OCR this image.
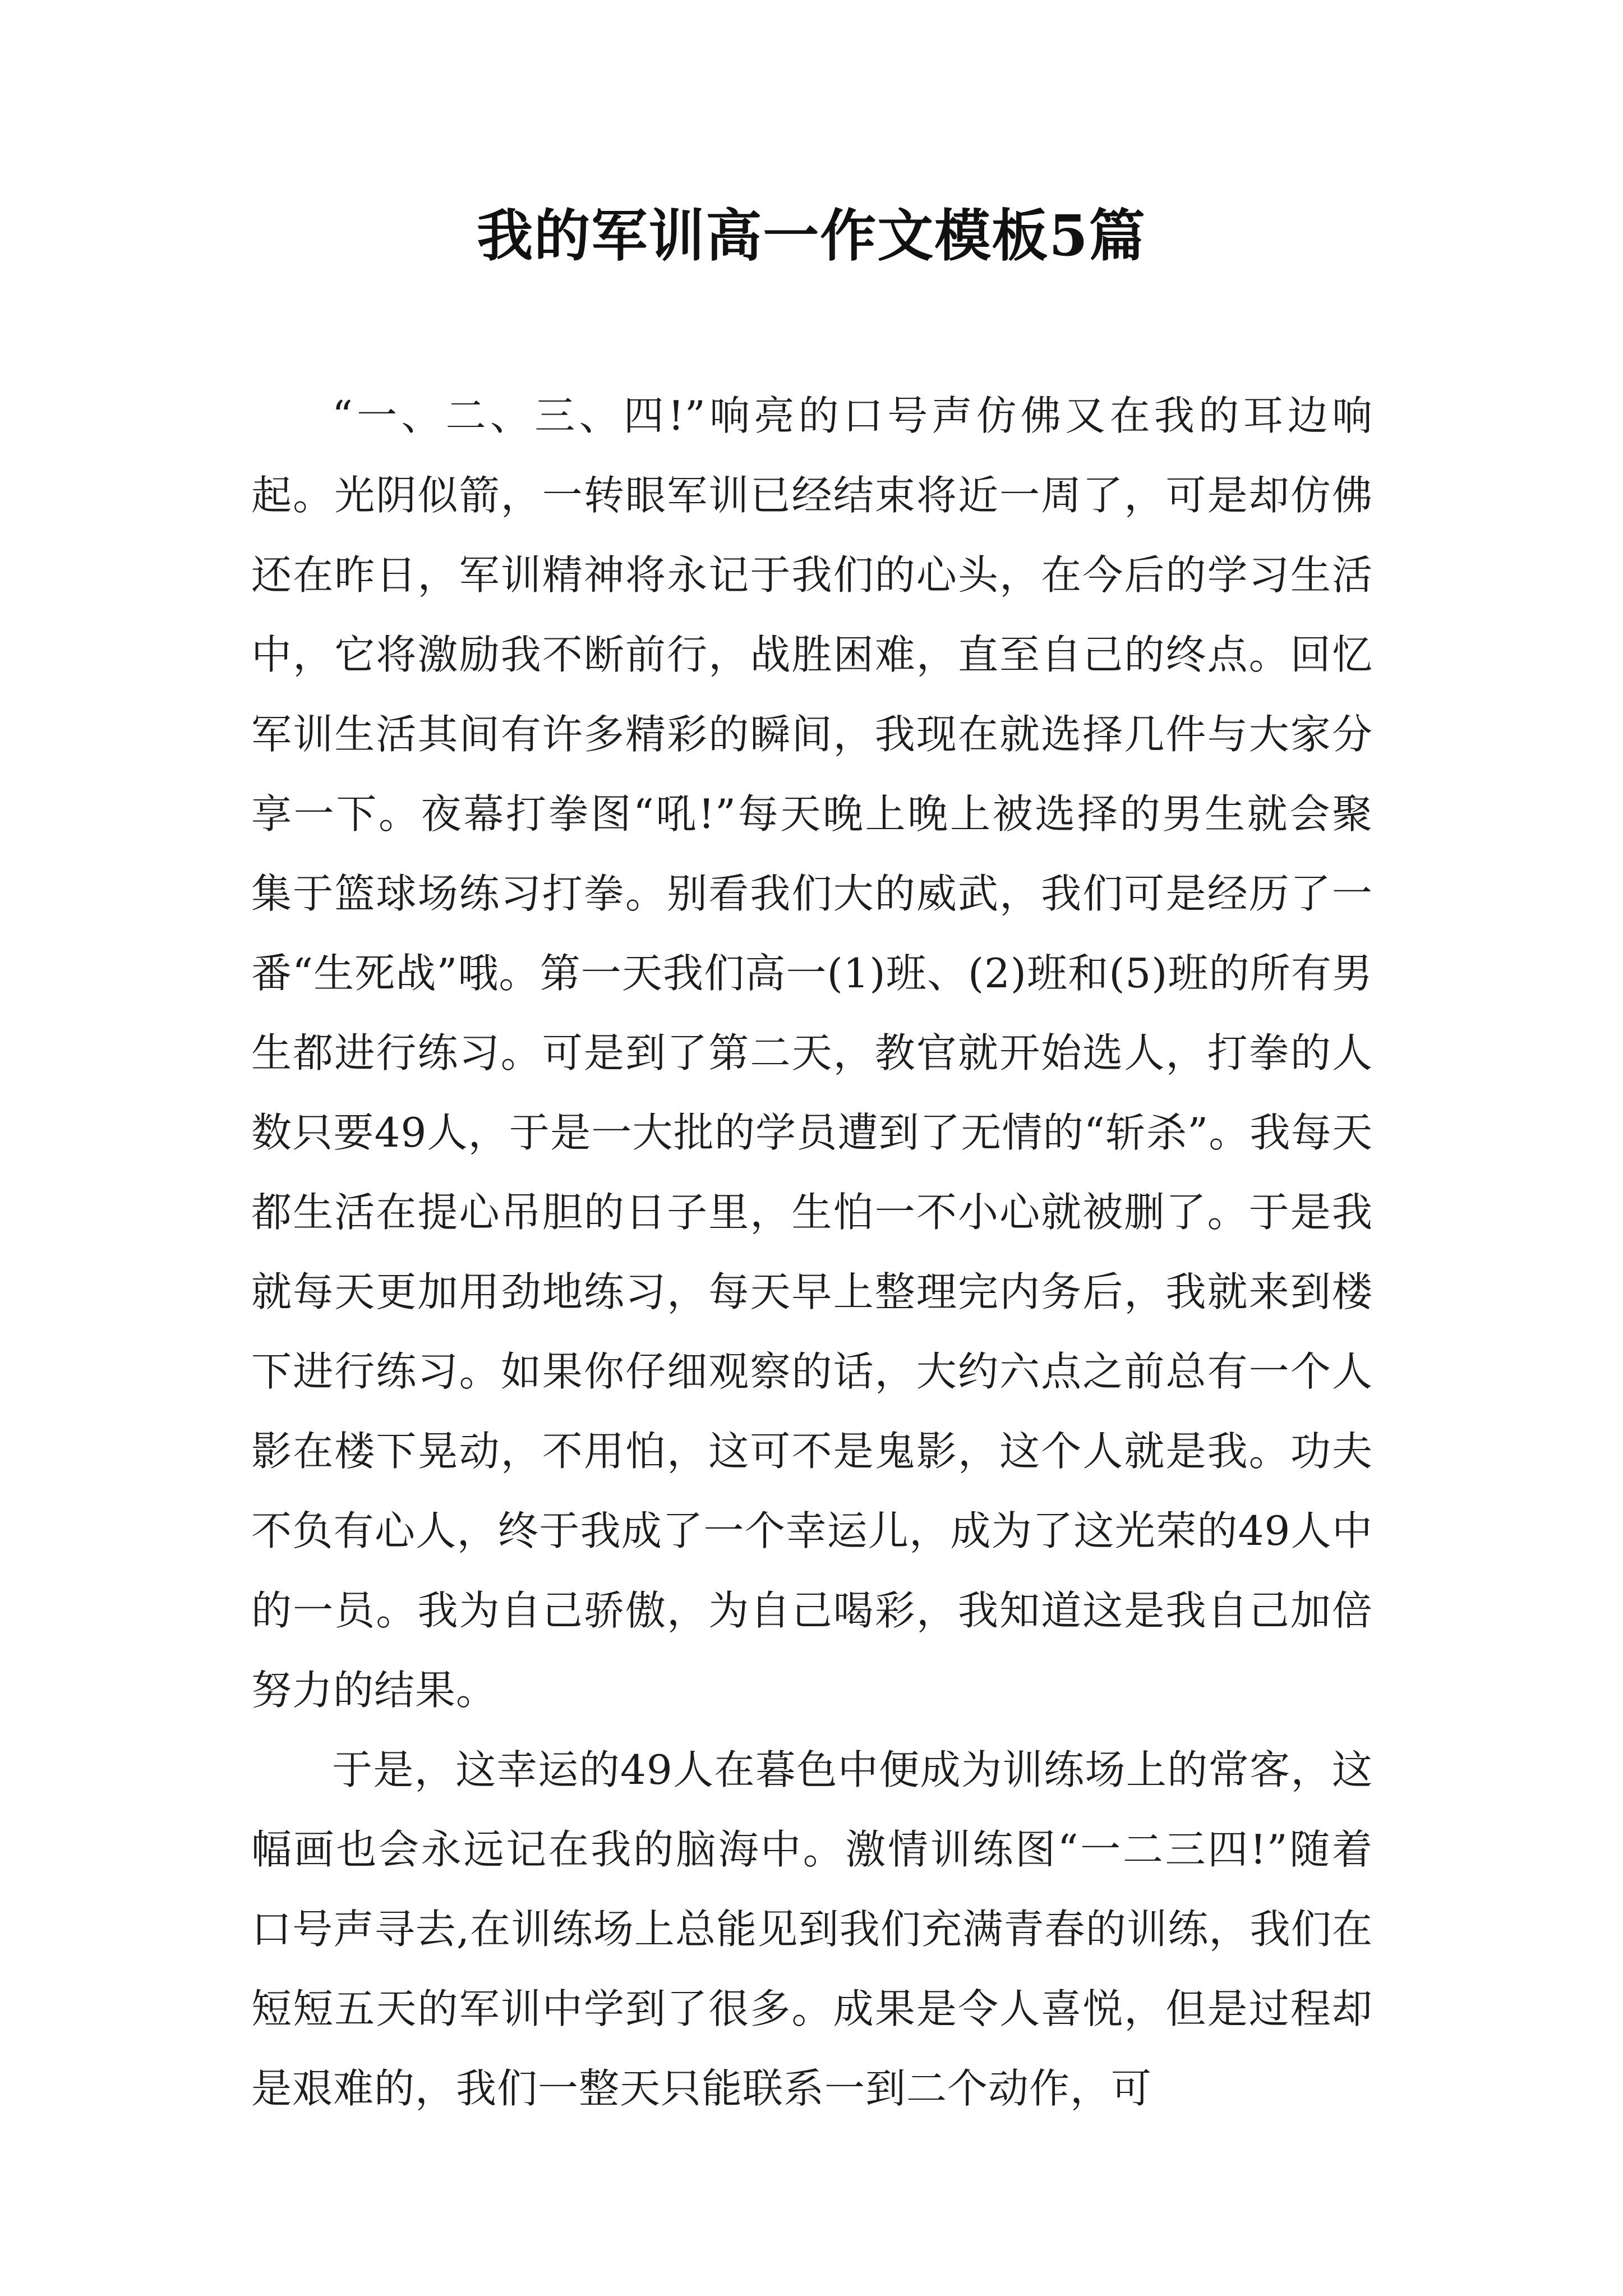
我的军训高一作文模板5篇

“一、二、三、四!”响亮的口号声仿佛又在我的耳边响起。光阴似箭，一转眼军训已经结束将近一周了，可是却仿佛还在昨日，军训精神将永记于我们的心头，在今后的学习生活中，它将激励我不断前行，战胜困难，直至自己的终点。回忆军训生活其间有许多精彩的瞬间，我现在就选择几件与大家分享一下。夜幕打拳图“吼!”每天晚上晚上被选择的男生就会聚集于篮球场练习打拳。别看我们大的威武，我们可是经历了一番“生死战”哦。第一天我们高一(1)班、(2)班和(5)班的所有男生都进行练习。可是到了第二天，教官就开始选人，打拳的人数只要49人，于是一大批的学员遭到了无情的“斩杀”。我每天都生活在提心吊胆的日子里，生怕一不小心就被删了。于是我就每天更加用劲地练习，每天早上整理完内务后，我就来到楼下进行练习。如果你仔细观察的话，大约六点之前总有一个人影在楼下晃动，不用怕，这可不是鬼影，这个人就是我。功夫不负有心人，终于我成了一个幸运儿，成为了这光荣的49人中的一员。我为自己骄傲，为自己喝彩，我知道这是我自己加倍努力的结果。

于是，这幸运的49人在暮色中便成为训练场上的常客，这幅画也会永远记在我的脑海中。激情训练图“一二三四!”随着口号声寻去,在训练场上总能见到我们充满青春的训练，我们在短短五天的军训中学到了很多。成果是令人喜悦，但是过程却是艰难的，我们一整天只能联系一到二个动作，可
